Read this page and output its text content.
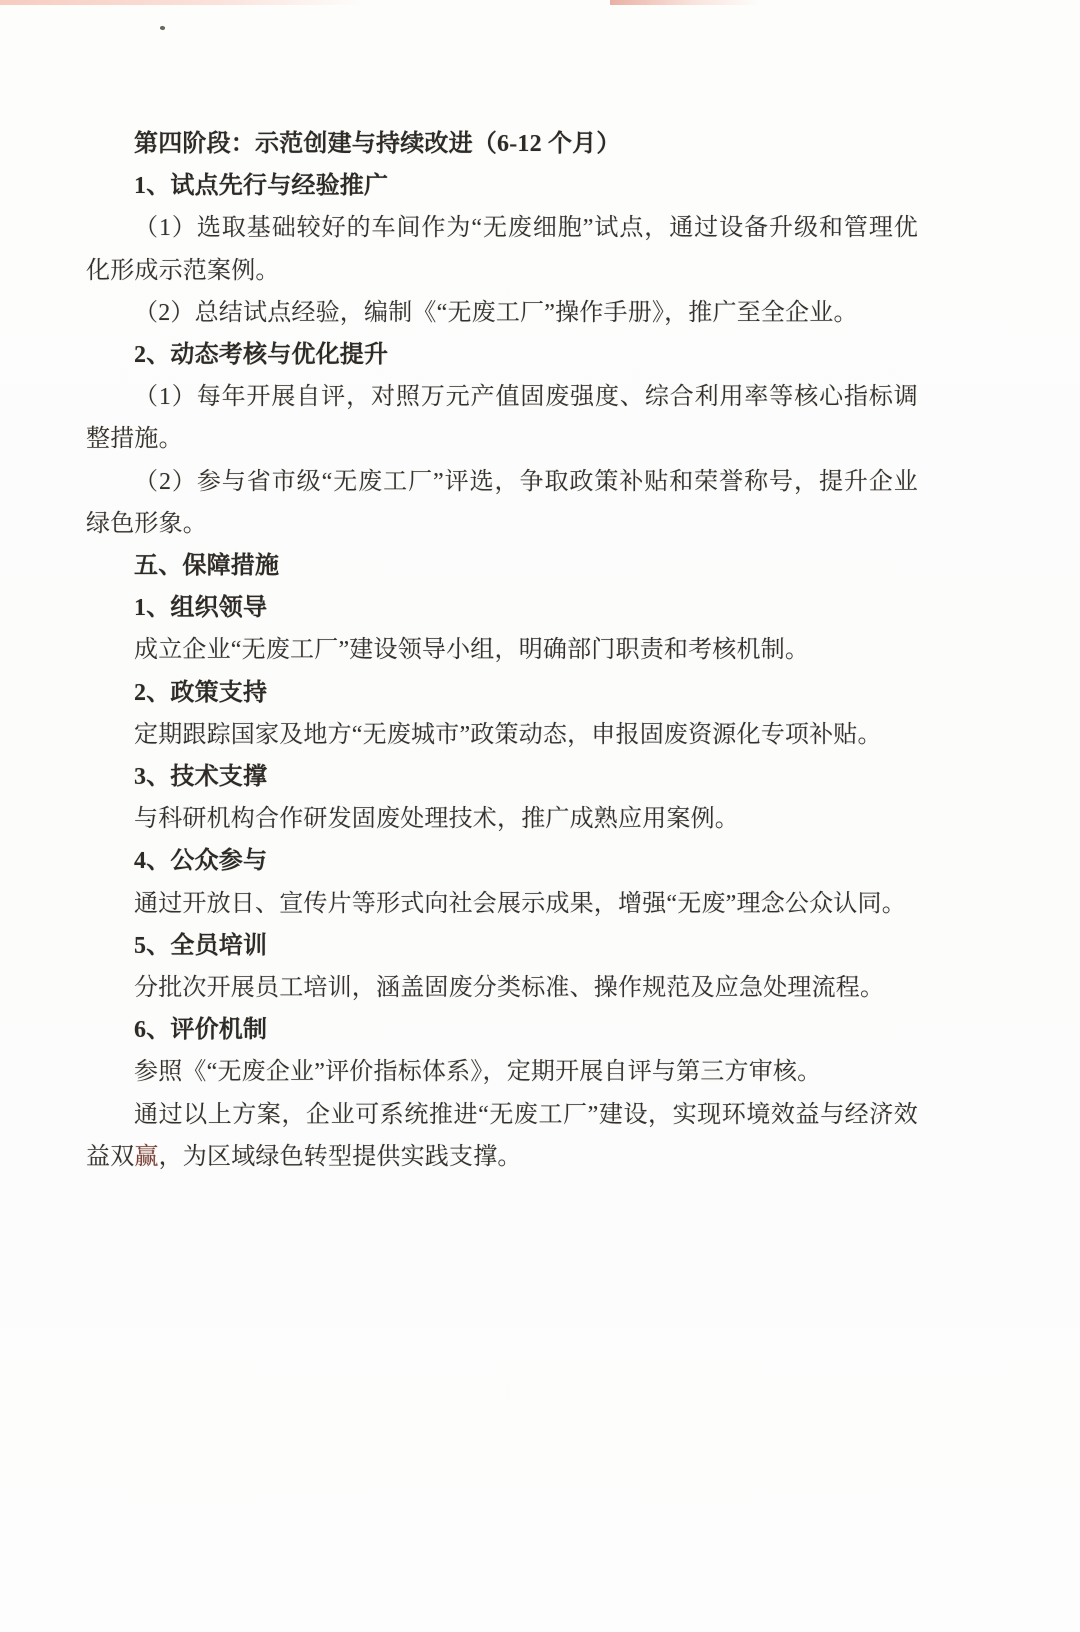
第四阶段：示范创建与持续改进（6-12 个月）

1、试点先行与经验推广

（1）选取基础较好的车间作为“无废细胞”试点，通过设备升级和管理优化形成示范案例。

（2）总结试点经验，编制《“无废工厂”操作手册》，推广至全企业。

2、动态考核与优化提升

（1）每年开展自评，对照万元产值固废强度、综合利用率等核心指标调整措施。

（2）参与省市级“无废工厂”评选，争取政策补贴和荣誉称号，提升企业绿色形象。

五、保障措施

1、组织领导

成立企业“无废工厂”建设领导小组，明确部门职责和考核机制。

2、政策支持

定期跟踪国家及地方“无废城市”政策动态，申报固废资源化专项补贴。

3、技术支撑

与科研机构合作研发固废处理技术，推广成熟应用案例。

4、公众参与

通过开放日、宣传片等形式向社会展示成果，增强“无废”理念公众认同。

5、全员培训

分批次开展员工培训，涵盖固废分类标准、操作规范及应急处理流程。

6、评价机制

参照《“无废企业”评价指标体系》，定期开展自评与第三方审核。

通过以上方案，企业可系统推进“无废工厂”建设，实现环境效益与经济效益双赢，为区域绿色转型提供实践支撑。
